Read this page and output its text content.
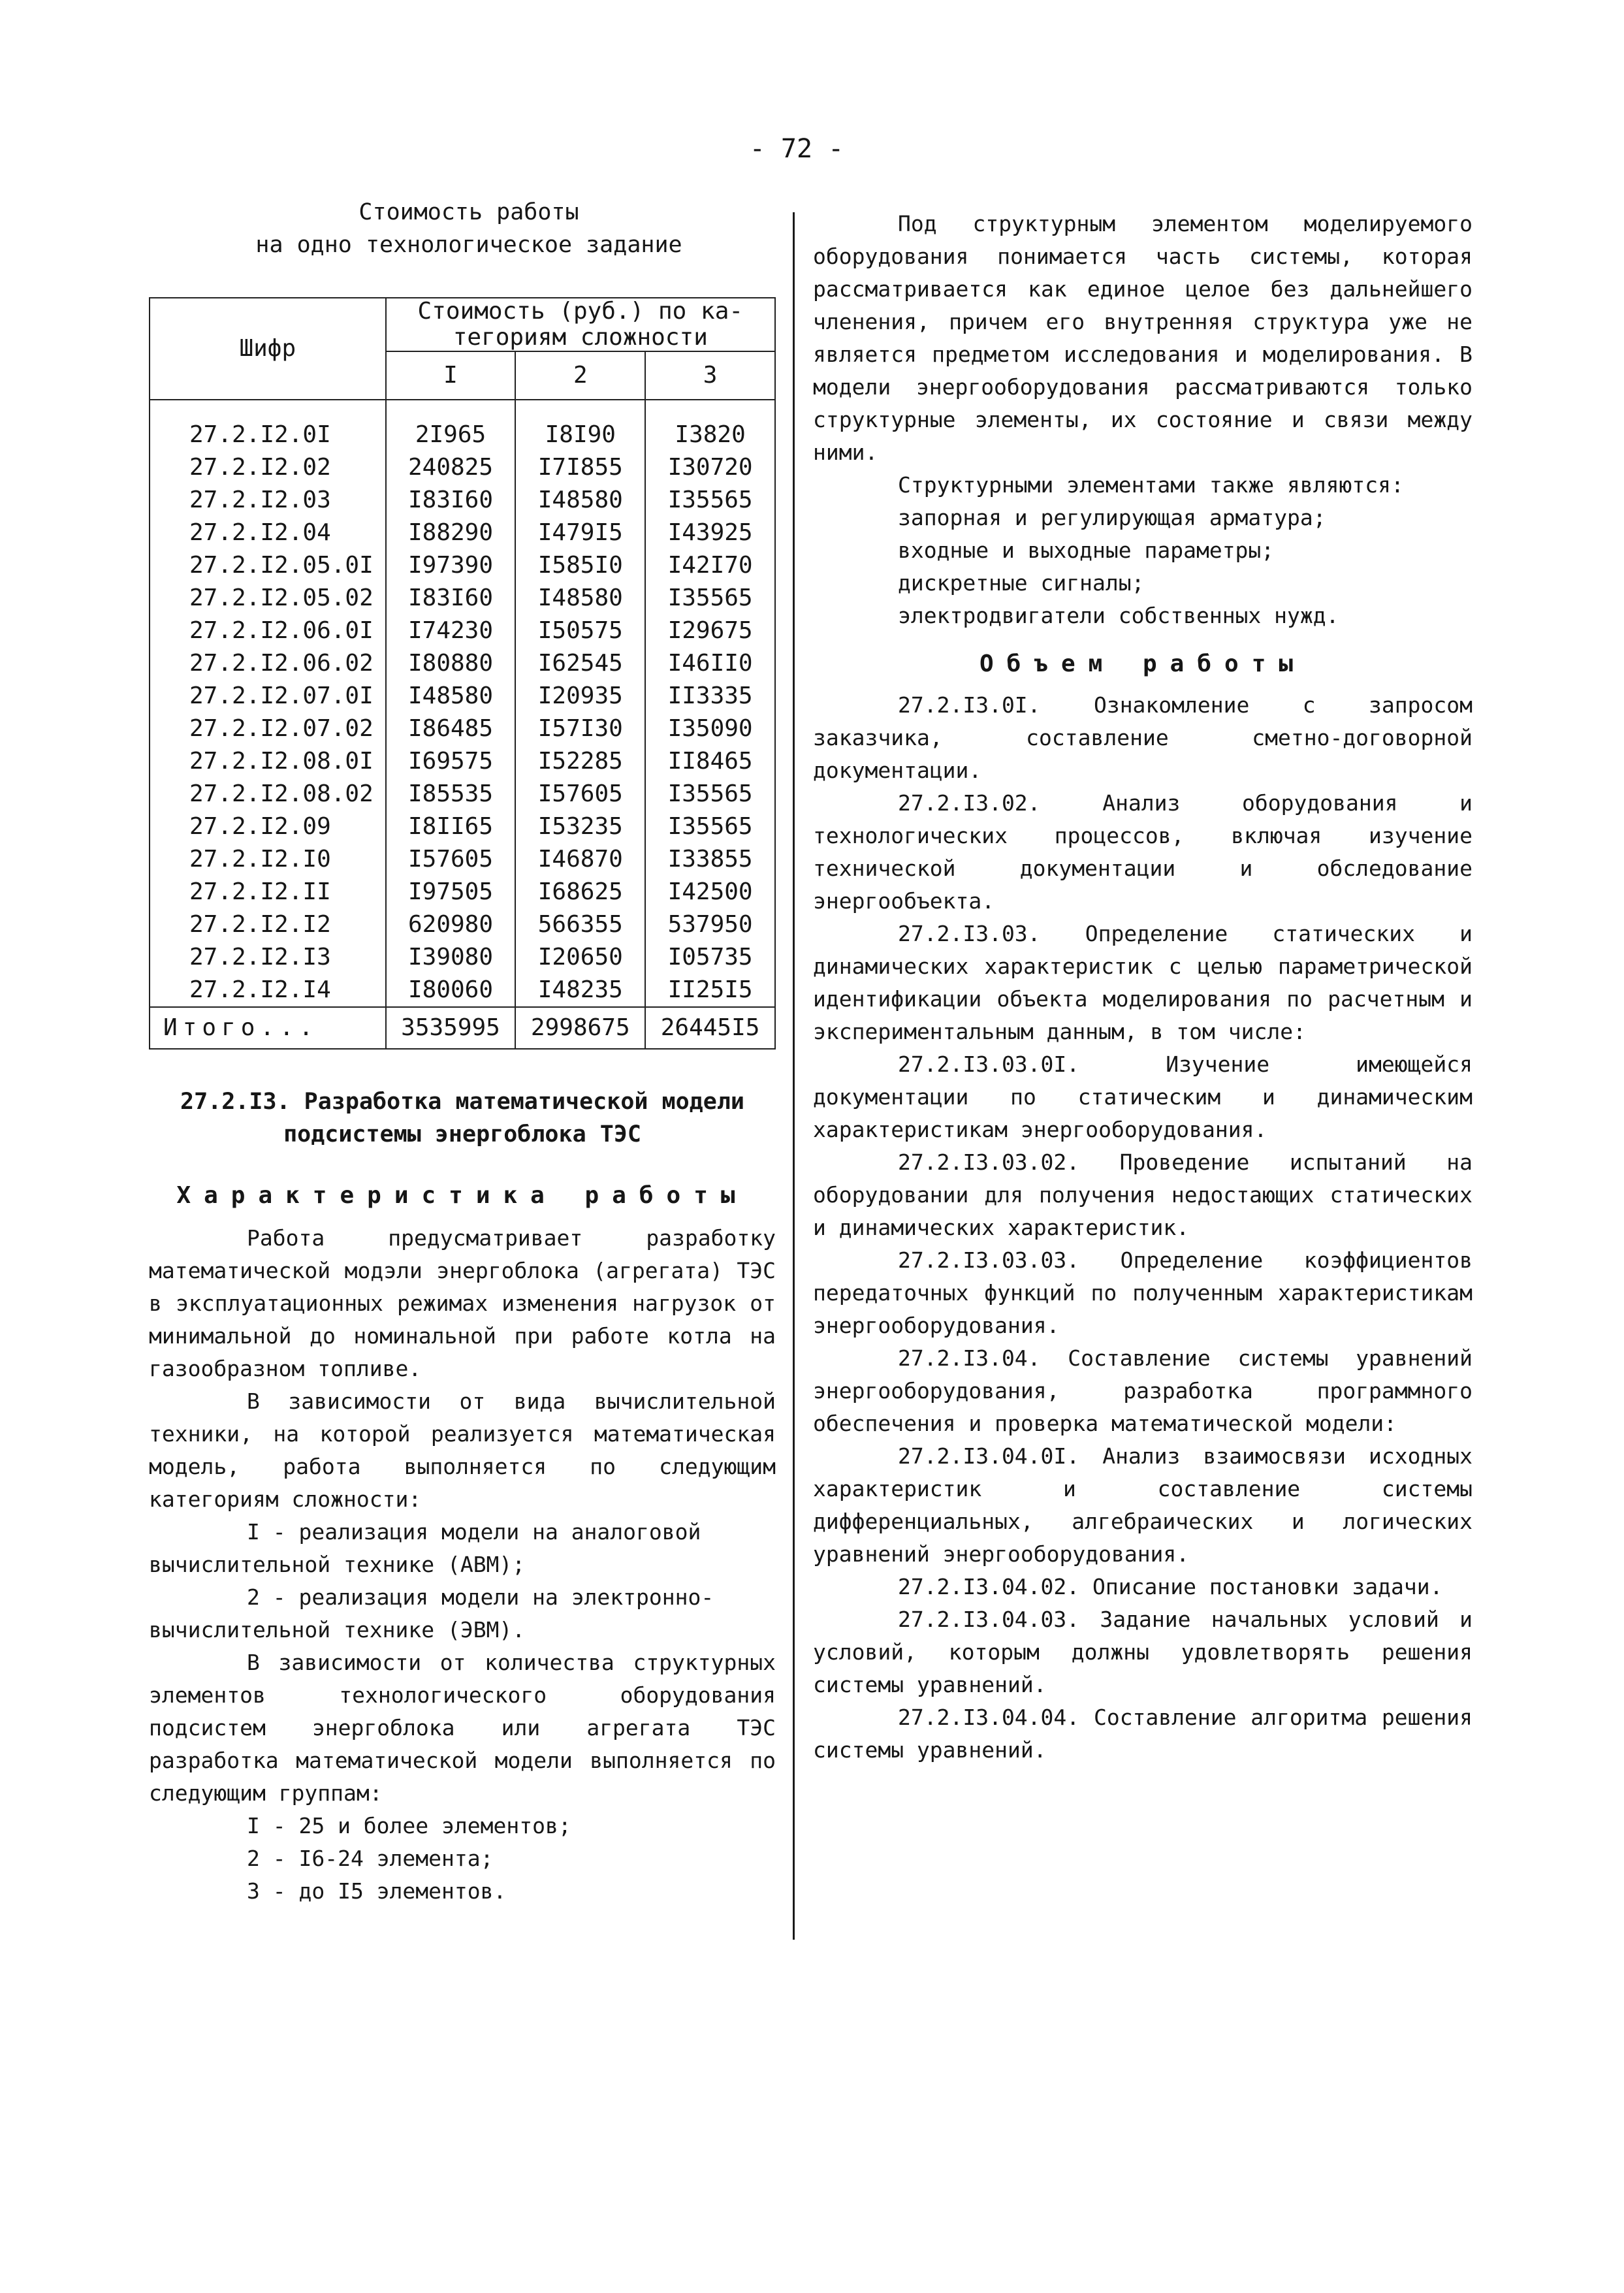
- 72 -
Стоимость работы
на одно технологическое задание
Шифр	Стоимость (руб.) по ка-
тегориям сложности		

	I	2	3
27.2.I2.0I	2I965	I8I90	I3820
27.2.I2.02	240825	I7I855	I30720
27.2.I2.03	I83I60	I48580	I35565
27.2.I2.04	I88290	I479I5	I43925
27.2.I2.05.0I	I97390	I585I0	I42I70
27.2.I2.05.02	I83I60	I48580	I35565
27.2.I2.06.0I	I74230	I50575	I29675
27.2.I2.06.02	I80880	I62545	I46II0
27.2.I2.07.0I	I48580	I20935	II3335
27.2.I2.07.02	I86485	I57I30	I35090
27.2.I2.08.0I	I69575	I52285	II8465
27.2.I2.08.02	I85535	I57605	I35565
27.2.I2.09	I8II65	I53235	I35565
27.2.I2.I0	I57605	I46870	I33855
27.2.I2.II	I97505	I68625	I42500
27.2.I2.I2	620980	566355	537950
27.2.I2.I3	I39080	I20650	I05735
27.2.I2.I4	I80060	I48235	II25I5
Итого...	3535995	2998675	26445I5
27.2.I3. Разработка математической модели
подсистемы энергоблока ТЭС
Характеристика работы

Работа предусматривает разработку математической модэли энергоблока (агрегата) ТЭС в эксплуатационных режимах изменения нагрузок от минимальной до номинальной при работе котла на газообразном топливе.

В зависимости от вида вычислительной техники, на которой реализуется математическая модель, работа выполняется по следующим категориям сложности:

I - реализация модели на аналоговой вычислительной технике (АВМ);

2 - реализация модели на электронно-вычислительной технике (ЭВМ).

В зависимости от количества структурных элементов технологического оборудования подсистем энергоблока или агрегата ТЭС разработка математической модели выполняется по следующим группам:

I - 25 и более элементов;

2 - I6-24 элемента;

3 - до I5 элементов.

Под структурным элементом моделируемого оборудования понимается часть системы, которая рассматривается как единое целое без дальнейшего членения, причем его внутренняя структура уже не является предметом исследования и моделирования. В модели энергооборудования рассматриваются только структурные элементы, их состояние и связи между ними.

Структурными элементами также являются:

запорная и регулирующая арматура;

входные и выходные параметры;

дискретные сигналы;

электродвигатели собственных нужд.

Объем работы

27.2.I3.0I. Ознакомление с запросом заказчика, составление сметно-договорной документации.

27.2.I3.02. Анализ оборудования и технологических процессов, включая изучение технической документации и обследование энергообъекта.

27.2.I3.03. Определение статических и динамических характеристик с целью параметрической идентификации объекта моделирования по расчетным и экспериментальным данным, в том числе:

27.2.I3.03.0I. Изучение имеющейся документации по статическим и динамическим характеристикам энергооборудования.

27.2.I3.03.02. Проведение испытаний на оборудовании для получения недостающих статических и динамических характеристик.

27.2.I3.03.03. Определение коэффициентов передаточных функций по полученным характеристикам энергооборудования.

27.2.I3.04. Составление системы уравнений энергооборудования, разработка программного обеспечения и проверка математической модели:

27.2.I3.04.0I. Анализ взаимосвязи исходных характеристик и составление системы дифференциальных, алгебраических и логических уравнений энергооборудования.

27.2.I3.04.02. Описание постановки задачи.

27.2.I3.04.03. Задание начальных условий и условий, которым должны удовлетворять решения системы уравнений.

27.2.I3.04.04. Составление алгоритма решения системы уравнений.
